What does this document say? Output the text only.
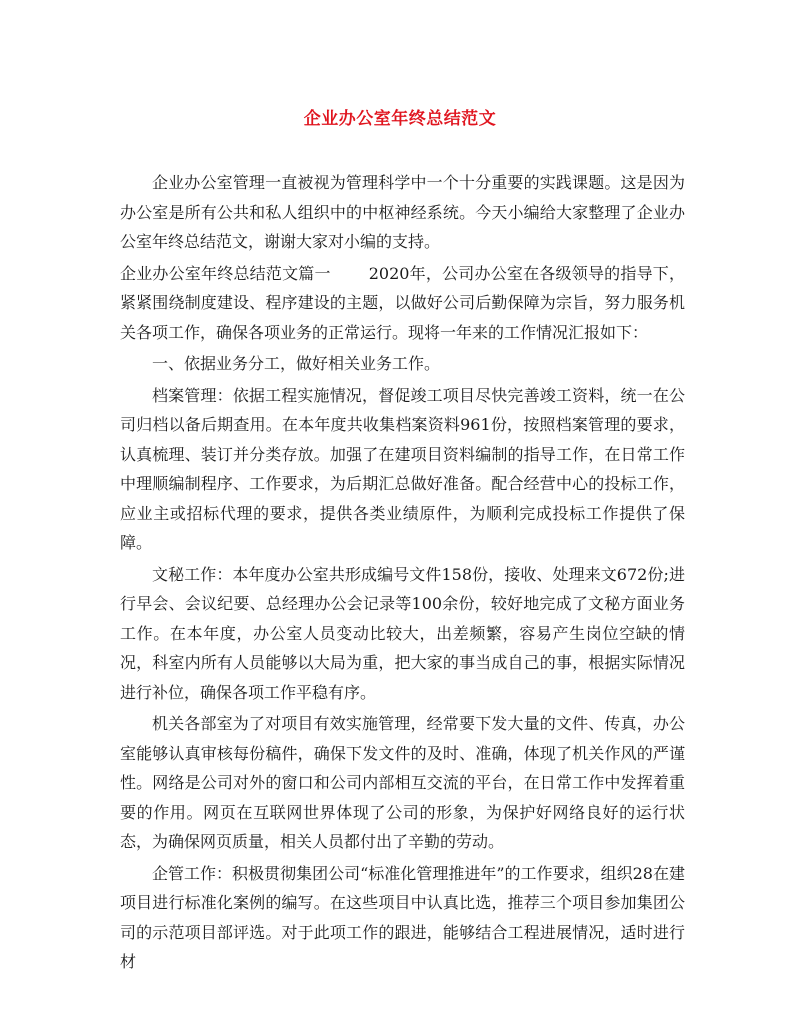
企业办公室年终总结范文

企业办公室管理一直被视为管理科学中一个十分重要的实践课题。这是因为办公室是所有公共和私人组织中的中枢神经系统。今天小编给大家整理了企业办公室年终总结范文，谢谢大家对小编的支持。

企业办公室年终总结范文篇一 2020年，公司办公室在各级领导的指导下，紧紧围绕制度建设、程序建设的主题，以做好公司后勤保障为宗旨，努力服务机关各项工作，确保各项业务的正常运行。现将一年来的工作情况汇报如下：

一、依据业务分工，做好相关业务工作。

档案管理：依据工程实施情况，督促竣工项目尽快完善竣工资料，统一在公司归档以备后期查用。在本年度共收集档案资料961份，按照档案管理的要求，认真梳理、装订并分类存放。加强了在建项目资料编制的指导工作，在日常工作中理顺编制程序、工作要求，为后期汇总做好准备。配合经营中心的投标工作，应业主或招标代理的要求，提供各类业绩原件，为顺利完成投标工作提供了保障。

文秘工作：本年度办公室共形成编号文件158份，接收、处理来文672份;进行早会、会议纪要、总经理办公会记录等100余份，较好地完成了文秘方面业务工作。在本年度，办公室人员变动比较大，出差频繁，容易产生岗位空缺的情况，科室内所有人员能够以大局为重，把大家的事当成自己的事，根据实际情况进行补位，确保各项工作平稳有序。

机关各部室为了对项目有效实施管理，经常要下发大量的文件、传真，办公室能够认真审核每份稿件，确保下发文件的及时、准确，体现了机关作风的严谨性。网络是公司对外的窗口和公司内部相互交流的平台，在日常工作中发挥着重要的作用。网页在互联网世界体现了公司的形象，为保护好网络良好的运行状态，为确保网页质量，相关人员都付出了辛勤的劳动。

企管工作：积极贯彻集团公司“标准化管理推进年”的工作要求，组织28在建项目进行标准化案例的编写。在这些项目中认真比选，推荐三个项目参加集团公司的示范项目部评选。对于此项工作的跟进，能够结合工程进展情况，适时进行材
